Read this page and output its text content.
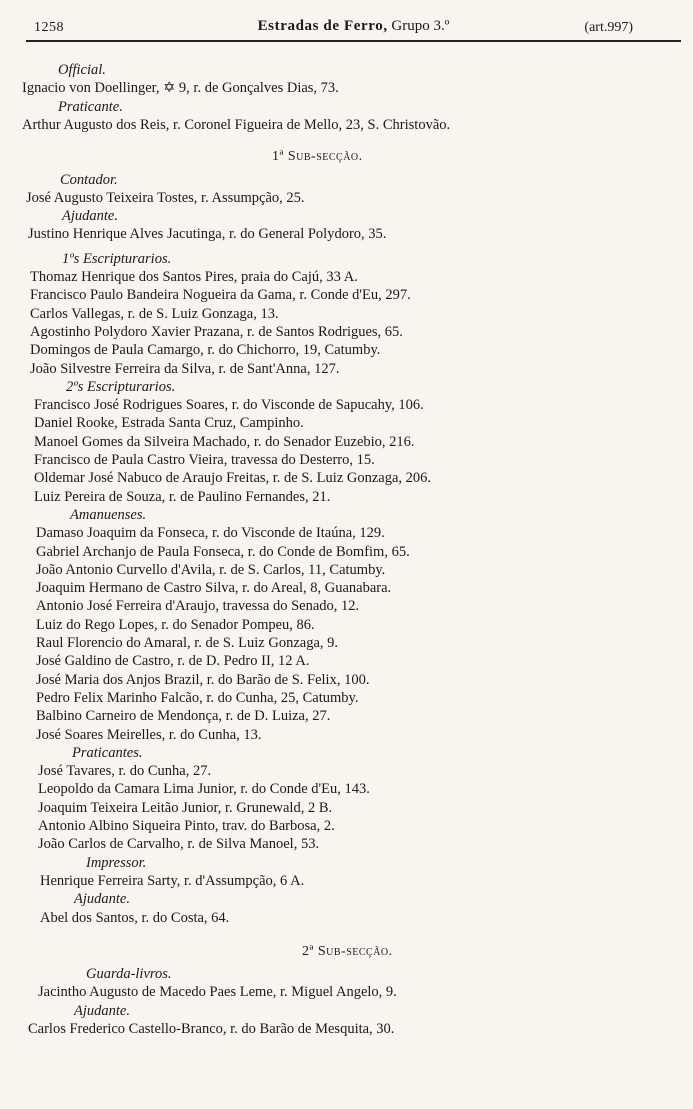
1258	Estradas de Ferro, Grupo 3.º	(art.997)
Official.
Ignacio von Doellinger, ✡ 9, r. de Gonçalves Dias, 73.
Praticante.
Arthur Augusto dos Reis, r. Coronel Figueira de Mello, 23, S. Christovão.
1ª Sub-secção.
Contador.
José Augusto Teixeira Tostes, r. Assumpção, 25.
Ajudante.
Justino Henrique Alves Jacutinga, r. do General Polydoro, 35.
1ºs Escripturarios.
Thomaz Henrique dos Santos Pires, praia do Cajú, 33 A.
Francisco Paulo Bandeira Nogueira da Gama, r. Conde d'Eu, 297.
Carlos Vallegas, r. de S. Luiz Gonzaga, 13.
Agostinho Polydoro Xavier Prazana, r. de Santos Rodrigues, 65.
Domingos de Paula Camargo, r. do Chichorro, 19, Catumby.
João Silvestre Ferreira da Silva, r. de Sant'Anna, 127.
2ºs Escripturarios.
Francisco José Rodrigues Soares, r. do Visconde de Sapucahy, 106.
Daniel Rooke, Estrada Santa Cruz, Campinho.
Manoel Gomes da Silveira Machado, r. do Senador Euzebio, 216.
Francisco de Paula Castro Vieira, travessa do Desterro, 15.
Oldemar José Nabuco de Araujo Freitas, r. de S. Luiz Gonzaga, 206.
Luiz Pereira de Souza, r. de Paulino Fernandes, 21.
Amanuenses.
Damaso Joaquim da Fonseca, r. do Visconde de Itaúna, 129.
Gabriel Archanjo de Paula Fonseca, r. do Conde de Bomfim, 65.
João Antonio Curvello d'Avila, r. de S. Carlos, 11, Catumby.
Joaquim Hermano de Castro Silva, r. do Areal, 8, Guanabara.
Antonio José Ferreira d'Araujo, travessa do Senado, 12.
Luiz do Rego Lopes, r. do Senador Pompeu, 86.
Raul Florencio do Amaral, r. de S. Luiz Gonzaga, 9.
José Galdino de Castro, r. de D. Pedro II, 12 A.
José Maria dos Anjos Brazil, r. do Barão de S. Felix, 100.
Pedro Felix Marinho Falcão, r. do Cunha, 25, Catumby.
Balbino Carneiro de Mendonça, r. de D. Luiza, 27.
José Soares Meirelles, r. do Cunha, 13.
Praticantes.
José Tavares, r. do Cunha, 27.
Leopoldo da Camara Lima Junior, r. do Conde d'Eu, 143.
Joaquim Teixeira Leitão Junior, r. Grunewald, 2 B.
Antonio Albino Siqueira Pinto, trav. do Barbosa, 2.
João Carlos de Carvalho, r. de Silva Manoel, 53.
Impressor.
Henrique Ferreira Sarty, r. d'Assumpção, 6 A.
Ajudante.
Abel dos Santos, r. do Costa, 64.
2ª Sub-secção.
Guarda-livros.
Jacintho Augusto de Macedo Paes Leme, r. Miguel Angelo, 9.
Ajudante.
Carlos Frederico Castello-Branco, r. do Barão de Mesquita, 30.
